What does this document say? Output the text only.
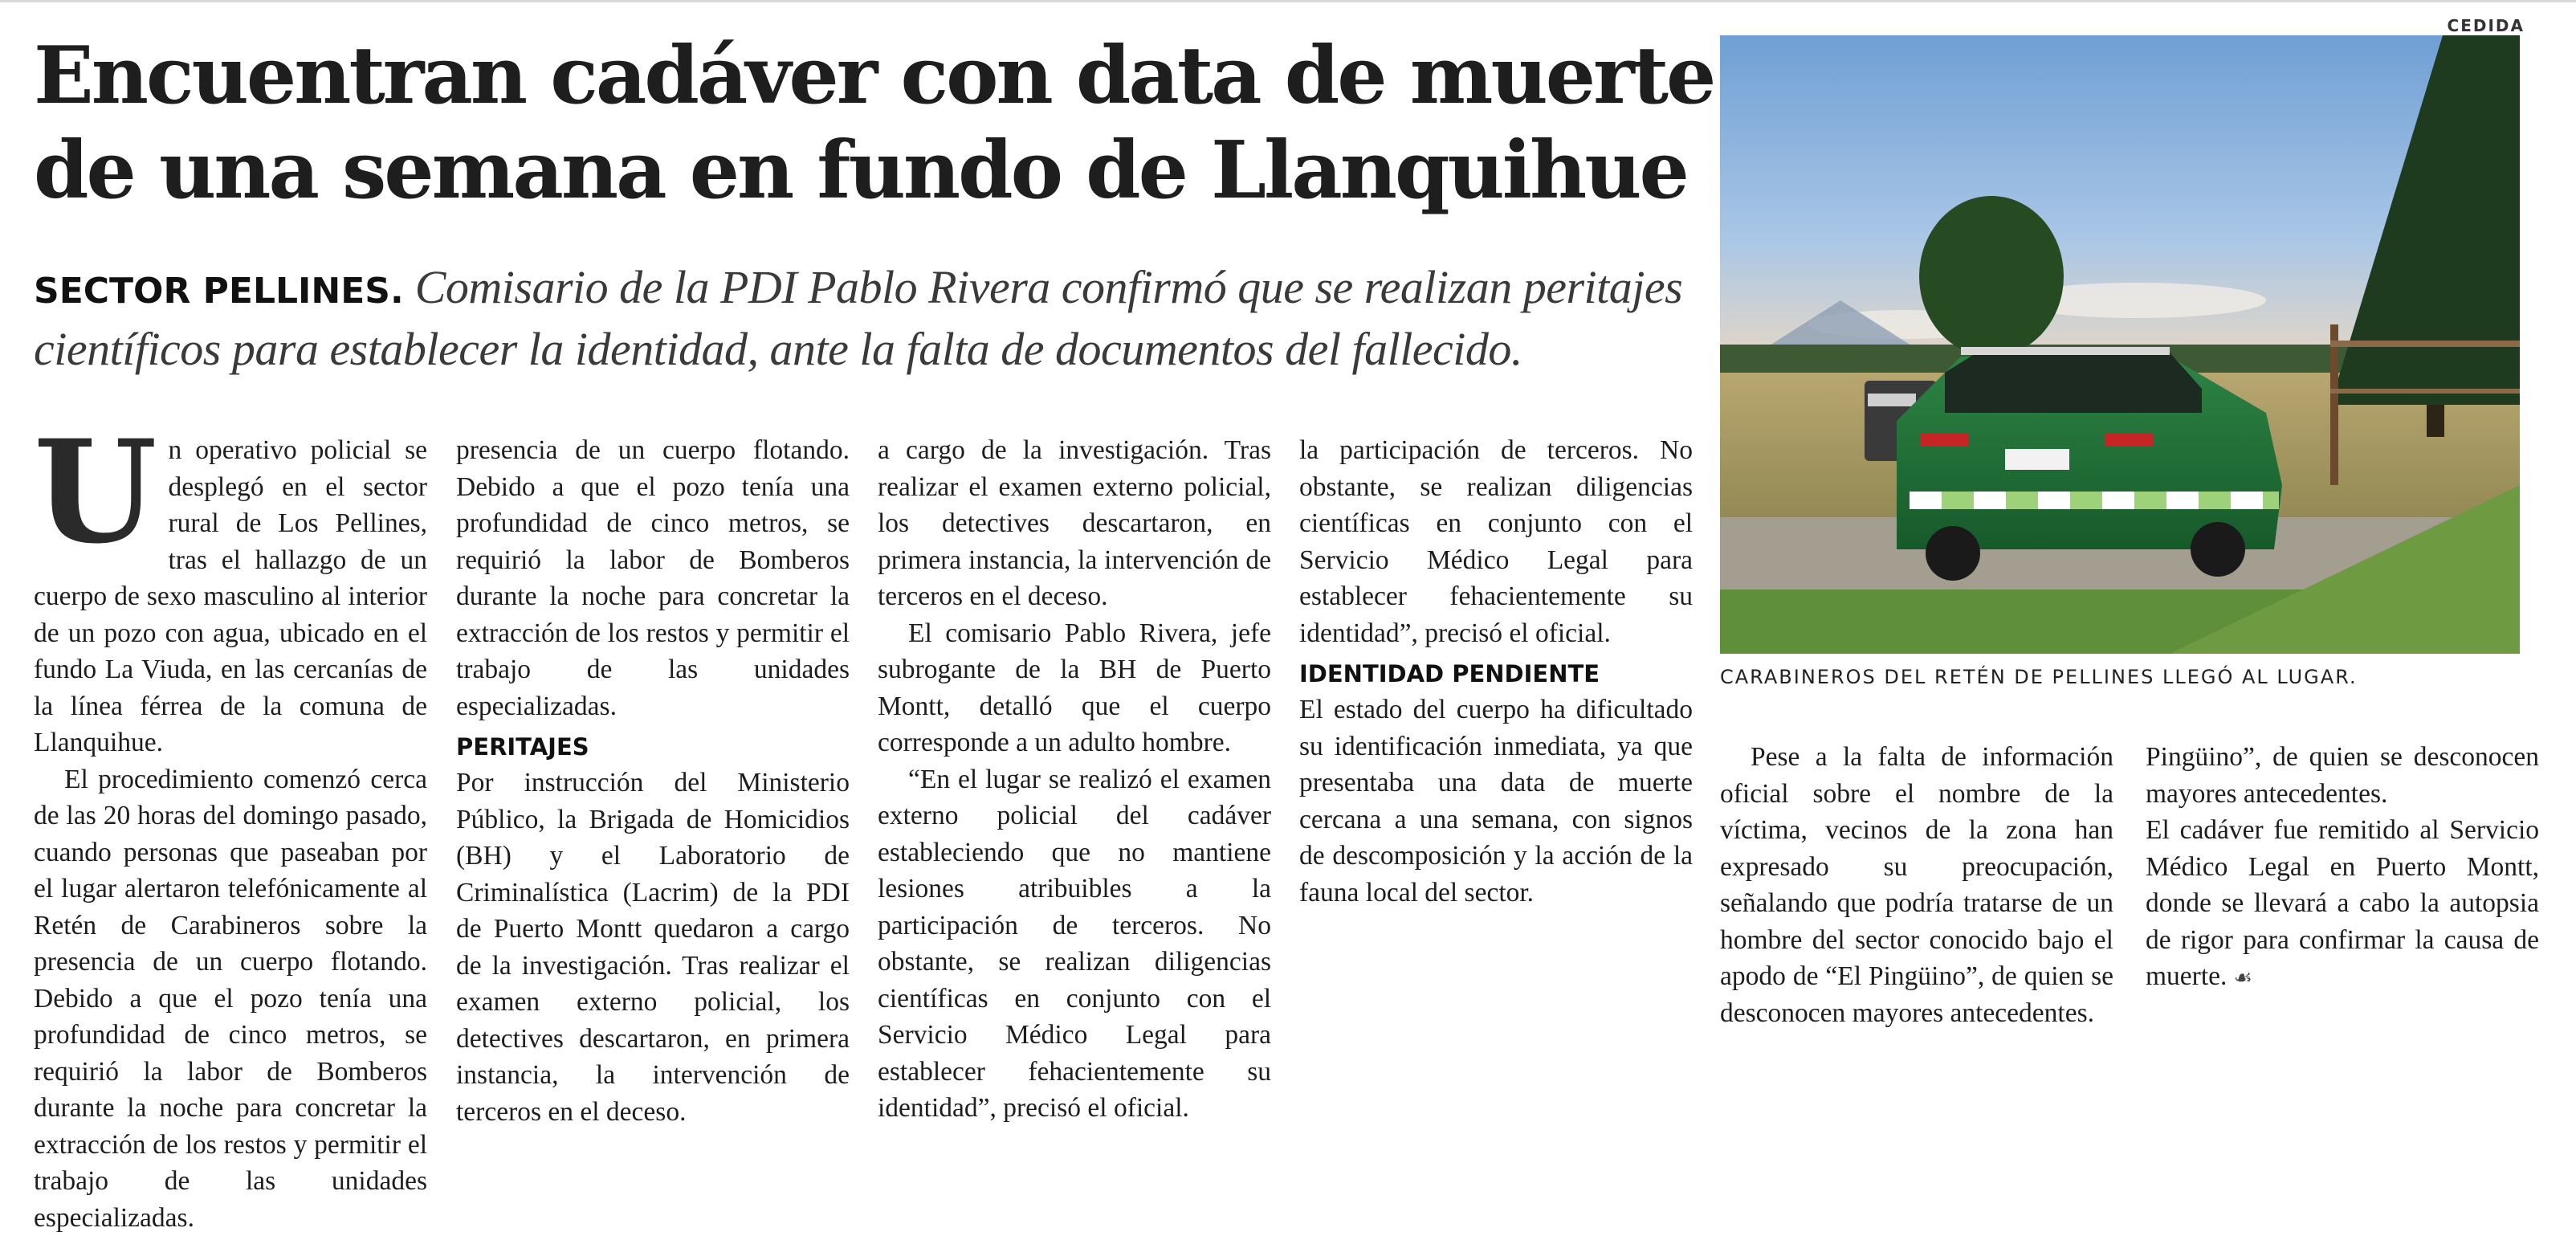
CEDIDA
Encuentran cadáver con data de muerte
de una semana en fundo de Llanquihue

SECTOR PELLINES. Comisario de la PDI Pablo Rivera confirmó que se realizan peritajes científicos para establecer la identidad, ante la falta de documentos del fallecido.

CARABINEROS DEL RETÉN DE PELLINES LLEGÓ AL LUGAR.

Un operativo policial se desplegó en el sector rural de Los Pellines, tras el hallazgo de un cuerpo de sexo masculino al interior de un pozo con agua, ubicado en el fundo La Viuda, en las cercanías de la línea férrea de la comuna de Llanquihue.

El procedimiento comenzó cerca de las 20 horas del domingo pasado, cuando personas que paseaban por el lugar alertaron telefónicamente al Retén de Carabineros sobre la presencia de un cuerpo flotando. Debido a que el pozo tenía una profundidad de cinco metros, se requirió la labor de Bomberos durante la noche para concretar la extracción de los restos y permitir el trabajo de las unidades especializadas.

presencia de un cuerpo flotando. Debido a que el pozo tenía una profundidad de cinco metros, se requirió la labor de Bomberos durante la noche para concretar la extracción de los restos y permitir el trabajo de las unidades especializadas.

PERITAJES

Por instrucción del Ministerio Público, la Brigada de Homicidios (BH) y el Laboratorio de Criminalística (Lacrim) de la PDI de Puerto Montt quedaron a cargo de la investigación. Tras realizar el examen externo policial, los detectives descartaron, en primera instancia, la intervención de terceros en el deceso.

a cargo de la investigación. Tras realizar el examen externo policial, los detectives descartaron, en primera instancia, la intervención de terceros en el deceso.

El comisario Pablo Rivera, jefe subrogante de la BH de Puerto Montt, detalló que el cuerpo corresponde a un adulto hombre.

“En el lugar se realizó el examen externo policial del cadáver estableciendo que no mantiene lesiones atribuibles a la participación de terceros. No obstante, se realizan diligencias científicas en conjunto con el Servicio Médico Legal para establecer fehacientemente su identidad”, precisó el oficial.

la participación de terceros. No obstante, se realizan diligencias científicas en conjunto con el Servicio Médico Legal para establecer fehacientemente su identidad”, precisó el oficial.

IDENTIDAD PENDIENTE

El estado del cuerpo ha dificultado su identificación inmediata, ya que presentaba una data de muerte cercana a una semana, con signos de descomposición y la acción de la fauna local del sector.

Pese a la falta de información oficial sobre el nombre de la víctima, vecinos de la zona han expresado su preocupación, señalando que podría tratarse de un hombre del sector conocido bajo el apodo de “El Pingüino”, de quien se desconocen mayores antecedentes.

Pingüino”, de quien se desconocen mayores antecedentes.

El cadáver fue remitido al Servicio Médico Legal en Puerto Montt, donde se llevará a cabo la autopsia de rigor para confirmar la causa de muerte. ☙
